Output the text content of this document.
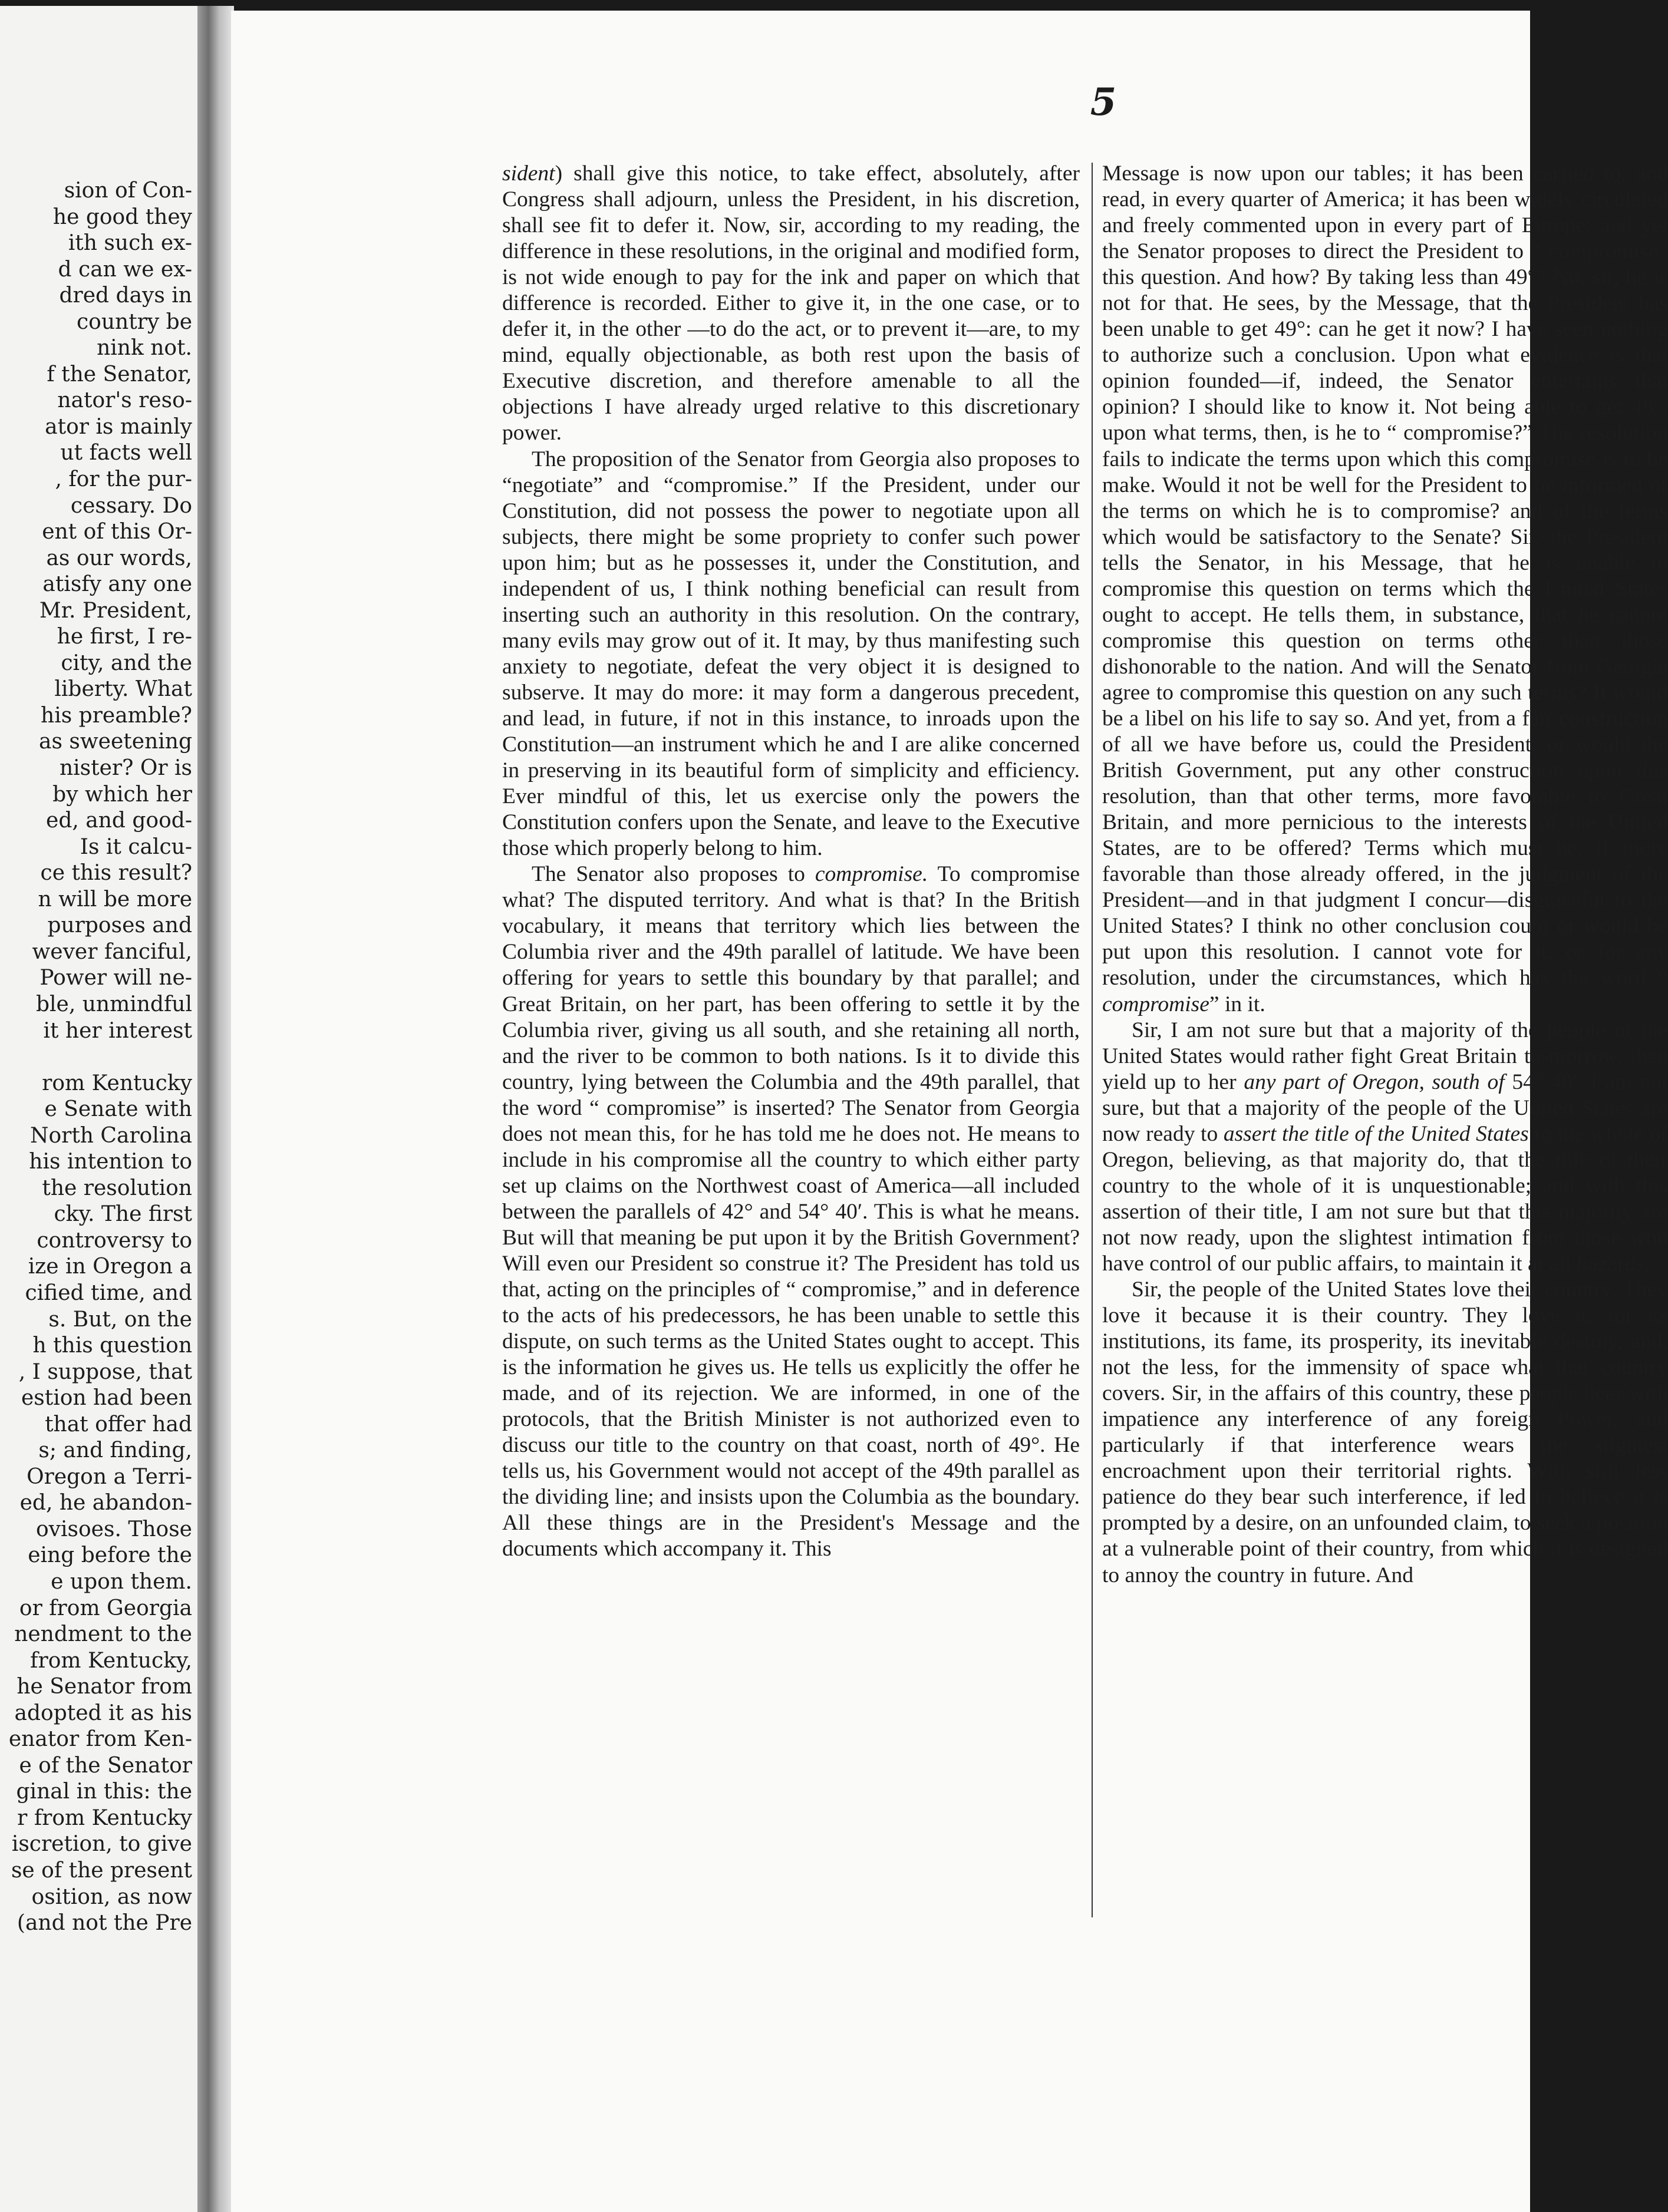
sion of Con-
he good they
ith such ex-
d can we ex-
dred days in
country be
nink not.
f the Senator,
nator's reso-
ator is mainly
ut facts well
, for the pur-
cessary. Do
ent of this Or-
as our words,
atisfy any one
Mr. President,
he first, I re-
city, and the
liberty. What
his preamble?
as sweetening
nister? Or is
by which her
ed, and good-
Is it calcu-
ce this result?
n will be more
purposes and
wever fanciful,
Power will ne-
ble, unmindful
it her interest

rom Kentucky
e Senate with
North Carolina
his intention to
the resolution
cky. The first
controversy to
ize in Oregon a
cified time, and
s. But, on the
h this question
, I suppose, that
estion had been
that offer had
s; and finding,
Oregon a Terri-
ed, he abandon-
ovisoes. Those
eing before the
e upon them.
or from Georgia
nendment to the
from Kentucky,
he Senator from
adopted it as his
enator from Ken-
e of the Senator
ginal in this: the
r from Kentucky
iscretion, to give
se of the present
osition, as now
(and not the Pre
5

sident) shall give this notice, to take effect, absolutely, after Congress shall adjourn, unless the President, in his discretion, shall see fit to defer it. Now, sir, according to my reading, the difference in these resolutions, in the original and modified form, is not wide enough to pay for the ink and paper on which that difference is recorded. Either to give it, in the one case, or to defer it, in the other —to do the act, or to prevent it—are, to my mind, equally objectionable, as both rest upon the basis of Executive discretion, and therefore amenable to all the objections I have already urged relative to this discretionary power.

The proposition of the Senator from Georgia also proposes to “negotiate” and “compromise.” If the President, under our Constitution, did not possess the power to negotiate upon all subjects, there might be some propriety to confer such power upon him; but as he possesses it, under the Constitution, and independent of us, I think nothing beneficial can result from inserting such an authority in this resolution. On the contrary, many evils may grow out of it. It may, by thus manifesting such anxiety to negotiate, defeat the very object it is designed to subserve. It may do more: it may form a dangerous precedent, and lead, in future, if not in this instance, to inroads upon the Constitution—an instrument which he and I are alike concerned in preserving in its beautiful form of simplicity and efficiency. Ever mindful of this, let us exercise only the powers the Constitution confers upon the Senate, and leave to the Executive those which properly belong to him.

The Senator also proposes to compromise. To compromise what? The disputed territory. And what is that? In the British vocabulary, it means that territory which lies between the Columbia river and the 49th parallel of latitude. We have been offering for years to settle this boundary by that parallel; and Great Britain, on her part, has been offering to settle it by the Columbia river, giving us all south, and she retaining all north, and the river to be common to both nations. Is it to divide this country, lying between the Columbia and the 49th parallel, that the word “ compromise” is inserted? The Senator from Georgia does not mean this, for he has told me he does not. He means to include in his compromise all the country to which either party set up claims on the Northwest coast of America—all included between the parallels of 42° and 54° 40′. This is what he means. But will that meaning be put upon it by the British Government? Will even our President so construe it? The President has told us that, acting on the principles of “ compromise,” and in deference to the acts of his predecessors, he has been unable to settle this dispute, on such terms as the United States ought to accept. This is the information he gives us. He tells us explicitly the offer he made, and of its rejection. We are informed, in one of the protocols, that the British Minister is not authorized even to discuss our title to the country on that coast, north of 49°. He tells us, his Government would not accept of the 49th parallel as the dividing line; and insists upon the Columbia as the boundary. All these things are in the President's Message and the documents which accompany it. This

Message is now upon our tables; it has been carried to, and read, in every quarter of America; it has been widely circulated and freely commented upon in every part of Europe; and yet the Senator proposes to direct the President to “ compromise” this question. And how? By taking less than 49°? No, sir, he is not for that. He sees, by the Message, that the President has been unable to get 49°: can he get it now? I have seen nothing to authorize such a conclusion. Upon what evidence is that opinion founded—if, indeed, the Senator entertains that opinion? I should like to know it. Not being able to get 49°, upon what terms, then, is he to “ compromise?” The resolution fails to indicate the terms upon which this compromise is to be make. Would it not be well for the President to be informed of the terms on which he is to compromise? and of the terms which would be satisfactory to the Senate? Sir, the President tells the Senator, in his Message, that he is unable to compromise this question on terms which the United States ought to accept. He tells them, in substance, that he cannot compromise this question on terms other than those dishonorable to the nation. And will the Senator from Georgia agree to compromise this question on any such terms? It would be a libel on his life to say so. And yet, from a fair construction of all we have before us, could the President, or would the British Government, put any other construction upon this resolution, than that other terms, more favorable to Great Britain, and more pernicious to the interests of the United States, are to be offered? Terms which must be, if more favorable than those already offered, in the judgment of the President—and in that judgment I concur—disgraceful to the United States? I think no other conclusion could or would be put upon this resolution. I cannot vote for it, or for any resolution, under the circumstances, which has the word “ compromise” in it.

Sir, I am not sure but that a majority of the people of the United States would rather fight Great Britain to-morrow, than yield up to her any part of Oregon, south of 54° 40′. I am not sure, but that a majority of the people of the United States are now ready to assert the title of the United States to the whole of Oregon, believing, as that majority do, that the title of their country to the whole of it is unquestionable; and with this assertion of their title, I am not sure but that this majority are not now ready, upon the slightest intimation from those who have control of our public affairs, to maintain it at all hazards.

Sir, the people of the United States love their country. They love it because it is their country. They love it, for its institutions, its fame, its prosperity, its inevitable destiny, and, not the less, for the immensity of space what that country covers. Sir, in the affairs of this country, these people bear with impatience any interference of any foreign Power, and particularly if that interference wears the slightest encroachment upon their territorial rights. With still less patience do they bear such interference, if led to believe it is prompted by a desire, on an unfounded claim, to seek a position at a vulnerable point of their country, from which it is designed to annoy the country in future. And
